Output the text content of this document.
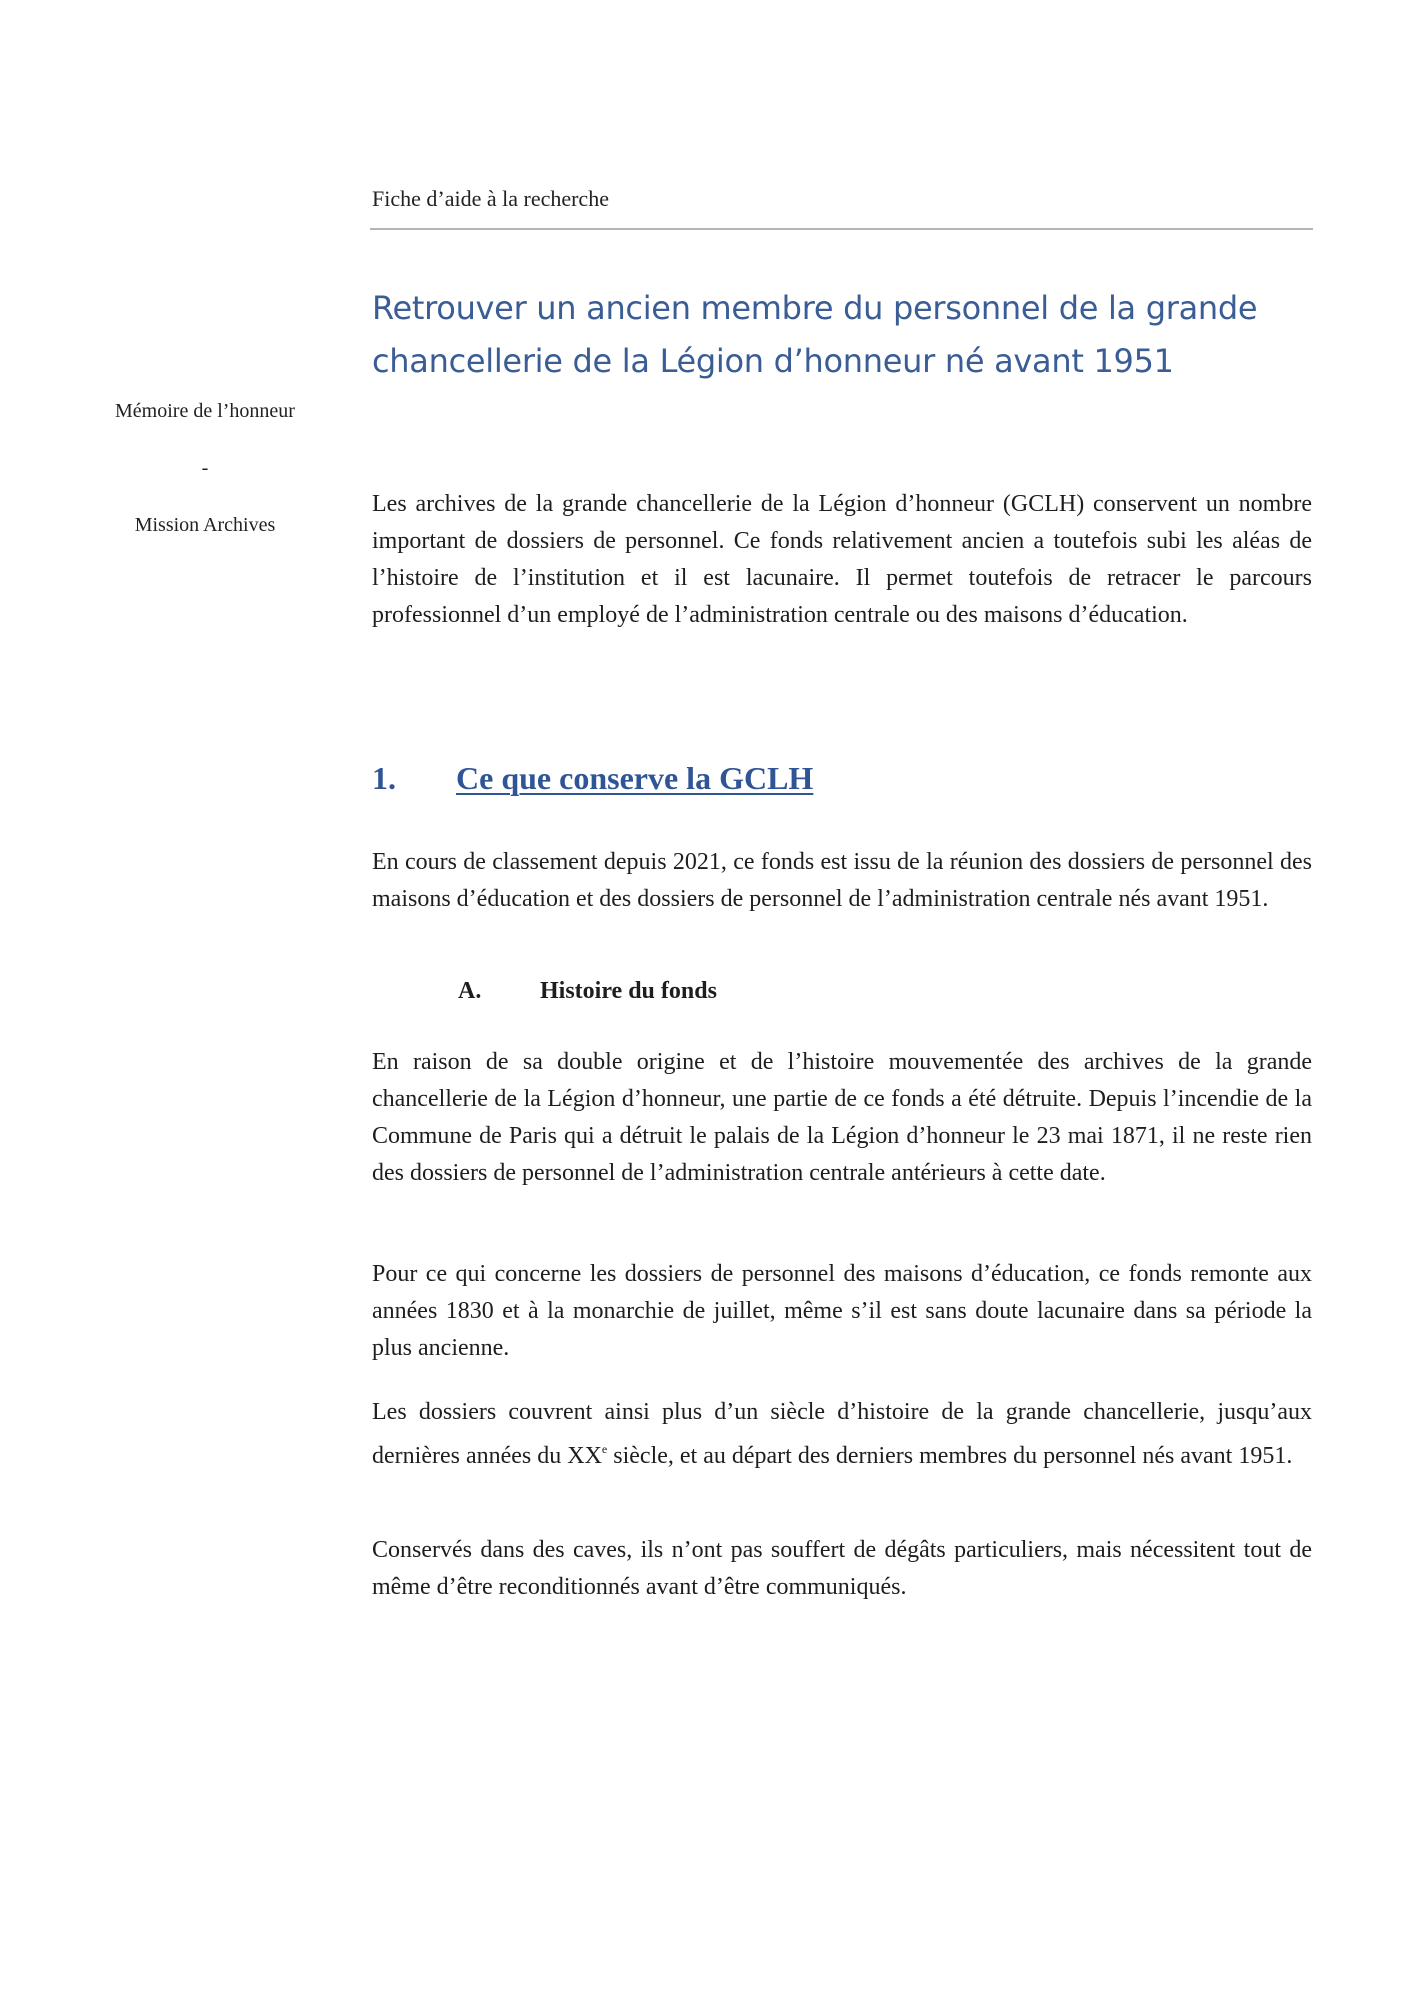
Fiche d’aide à la recherche
Retrouver un ancien membre du personnel de la grande
chancellerie de la Légion d’honneur né avant 1951
Mémoire de l’honneur
-
Mission Archives

Les archives de la grande chancellerie de la Légion d’honneur (GCLH) conservent un nombre important de dossiers de personnel. Ce fonds relativement ancien a toutefois subi les aléas de l’histoire de l’institution et il est lacunaire. Il permet toutefois de retracer le parcours professionnel d’un employé de l’administration centrale ou des maisons d’éducation.

1. Ce que conserve la GCLH

En cours de classement depuis 2021, ce fonds est issu de la réunion des dossiers de personnel des maisons d’éducation et des dossiers de personnel de l’administration centrale nés avant 1951.

A. Histoire du fonds

En raison de sa double origine et de l’histoire mouvementée des archives de la grande chancellerie de la Légion d’honneur, une partie de ce fonds a été détruite. Depuis l’incendie de la Commune de Paris qui a détruit le palais de la Légion d’honneur le 23 mai 1871, il ne reste rien des dossiers de personnel de l’administration centrale antérieurs à cette date.

Pour ce qui concerne les dossiers de personnel des maisons d’éducation, ce fonds remonte aux années 1830 et à la monarchie de juillet, même s’il est sans doute lacunaire dans sa période la plus ancienne.

Les dossiers couvrent ainsi plus d’un siècle d’histoire de la grande chancellerie, jusqu’aux dernières années du XXe siècle, et au départ des derniers membres du personnel nés avant 1951.

Conservés dans des caves, ils n’ont pas souffert de dégâts particuliers, mais nécessitent tout de même d’être reconditionnés avant d’être communiqués.
